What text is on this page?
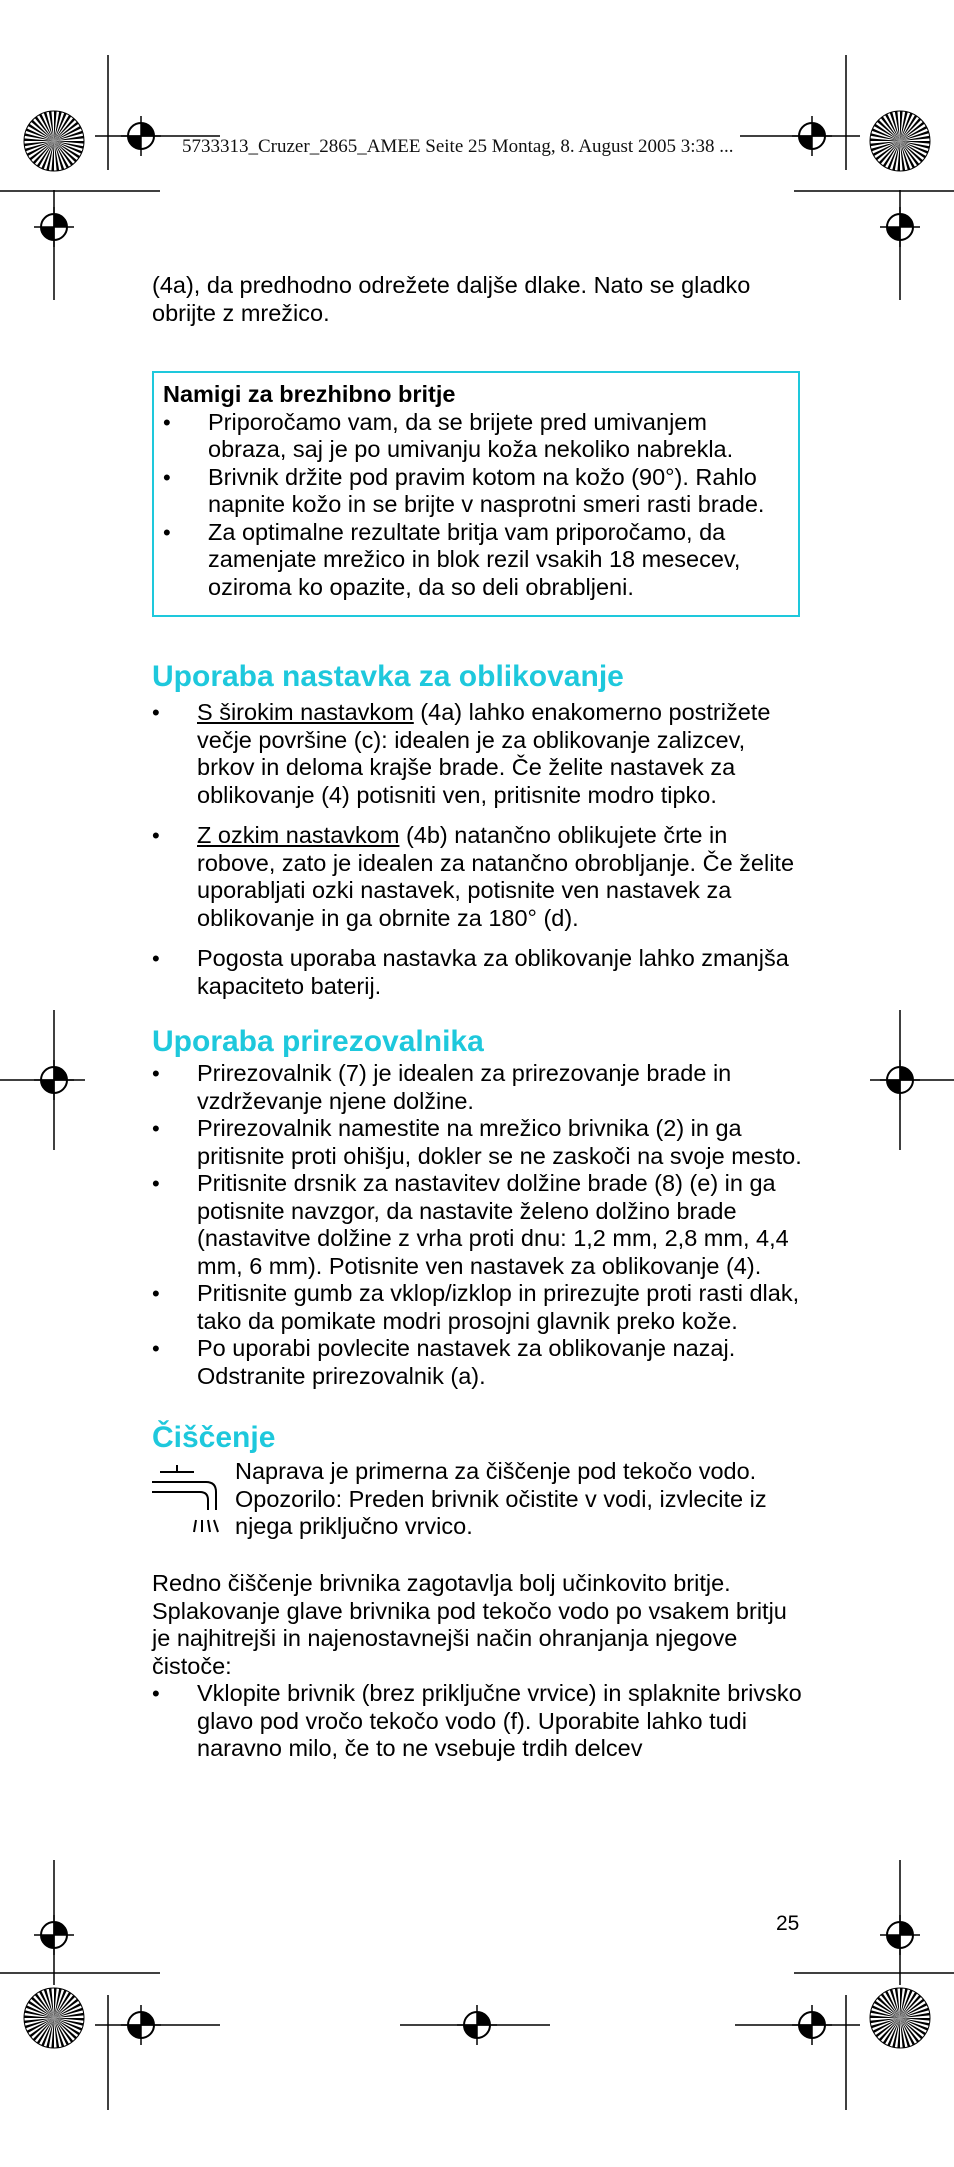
5733313_Cruzer_2865_AMEE Seite 25 Montag, 8. August 2005 3:38 ...

(4a), da predhodno odrežete daljše dlake. Nato se gladko obrijte z mrežico.

Namigi za brezhibno britje
• Priporočamo vam, da se brijete pred umivanjem obraza, saj je po umivanju koža nekoliko nabrekla.
• Brivnik držite pod pravim kotom na kožo (90°). Rahlo napnite kožo in se brijte v nasprotni smeri rasti brade.
• Za optimalne rezultate britja vam priporočamo, da zamenjate mrežico in blok rezil vsakih 18 mesecev, oziroma ko opazite, da so deli obrabljeni.
Uporaba nastavka za oblikovanje
• S širokim nastavkom (4a) lahko enakomerno postrižete večje površine (c): idealen je za oblikovanje zalizcev, brkov in deloma krajše brade. Če želite nastavek za oblikovanje (4) potisniti ven, pritisnite modro tipko.
• Z ozkim nastavkom (4b) natančno oblikujete črte in robove, zato je idealen za natančno obrobljanje. Če želite uporabljati ozki nastavek, potisnite ven nastavek za oblikovanje in ga obrnite za 180° (d).
• Pogosta uporaba nastavka za oblikovanje lahko zmanjša kapaciteto baterij.
Uporaba prirezovalnika
• Prirezovalnik (7) je idealen za prirezovanje brade in vzdrževanje njene dolžine.
• Prirezovalnik namestite na mrežico brivnika (2) in ga pritisnite proti ohišju, dokler se ne zaskoči na svoje mesto.
• Pritisnite drsnik za nastavitev dolžine brade (8) (e) in ga potisnite navzgor, da nastavite želeno dolžino brade (nastavitve dolžine z vrha proti dnu: 1,2 mm, 2,8 mm, 4,4 mm, 6 mm). Potisnite ven nastavek za oblikovanje (4).
• Pritisnite gumb za vklop/izklop in prirezujte proti rasti dlak, tako da pomikate modri prosojni glavnik preko kože.
• Po uporabi povlecite nastavek za oblikovanje nazaj. Odstranite prirezovalnik (a).
Čiščenje
Naprava je primerna za čiščenje pod tekočo vodo. Opozorilo: Preden brivnik očistite v vodi, izvlecite iz njega priključno vrvico.

Redno čiščenje brivnika zagotavlja bolj učinkovito britje. Splakovanje glave brivnika pod tekočo vodo po vsakem britju je najhitrejši in najenostavnejši način ohranjanja njegove čistoče:

• Vklopite brivnik (brez priključne vrvice) in splaknite brivsko glavo pod vročo tekočo vodo (f). Uporabite lahko tudi naravno milo, če to ne vsebuje trdih delcev
25
